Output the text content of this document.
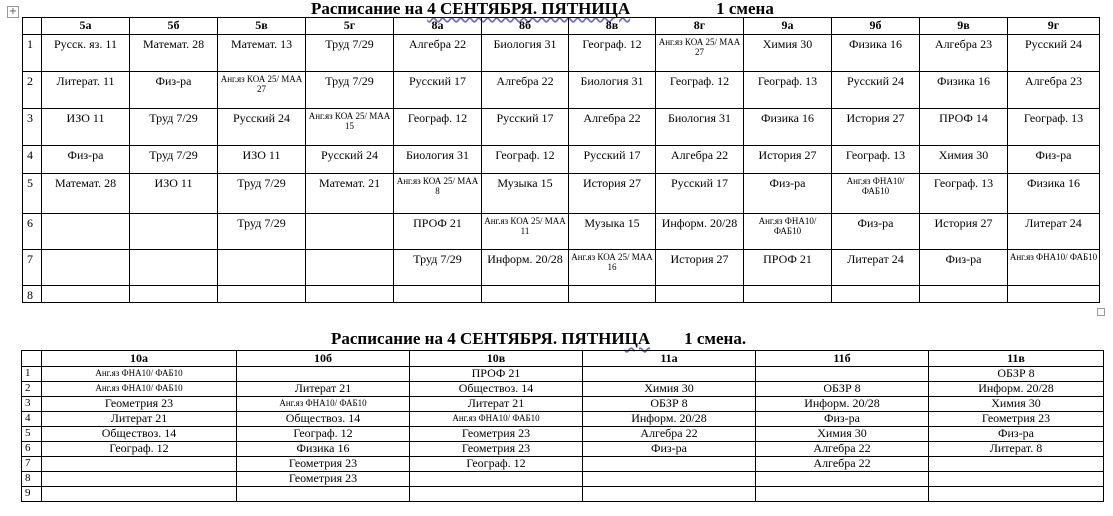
+	Расписание на 4 СЕНТЯБРЯ. ПЯТНИЦА	1 смена
	5а	5б	5в	5г	8а	8б	8в	8г	9а	9б	9в	9г
1	Русск. яз. 11	Математ. 28	Математ. 13	Труд 7/29	Алгебра 22	Биология 31	Географ. 12	Анг.яз КОА 25/ МАА 27	Химия 30	Физика 16	Алгебра 23	Русский 24
2	Литерат. 11	Физ-ра	Анг.яз КОА 25/ МАА 27	Труд 7/29	Русский 17	Алгебра 22	Биология 31	Географ. 12	Географ. 13	Русский 24	Физика 16	Алгебра 23
3	ИЗО 11	Труд 7/29	Русский 24	Анг.яз КОА 25/ МАА 15	Географ. 12	Русский 17	Алгебра 22	Биология 31	Физика 16	История 27	ПРОФ 14	Географ. 13
4	Физ-ра	Труд 7/29	ИЗО 11	Русский 24	Биология 31	Географ. 12	Русский 17	Алгебра 22	История 27	Географ. 13	Химия 30	Физ-ра
5	Математ. 28	ИЗО 11	Труд 7/29	Математ. 21	Анг.яз КОА 25/ МАА 8	Музыка 15	История 27	Русский 17	Физ-ра	Анг.яз ФНА10/ ФАБ10	Географ. 13	Физика 16
6			Труд 7/29		ПРОФ 21	Анг.яз КОА 25/ МАА 11	Музыка 15	Информ. 20/28	Анг.яз ФНА10/ ФАБ10	Физ-ра	История 27	Литерат 24
7					Труд 7/29	Информ. 20/28	Анг.яз КОА 25/ МАА 16	История 27	ПРОФ 21	Литерат 24	Физ-ра	Анг.яз ФНА10/ ФАБ10
8												
Расписание на 4 СЕНТЯБРЯ. ПЯТНИЦА 1 смена.
	10а	10б	10в	11а	11б	11в
1	Анг.яз ФНА10/ ФАБ10		ПРОФ 21			ОБЗР 8
2	Анг.яз ФНА10/ ФАБ10	Литерат 21	Обществоз. 14	Химия 30	ОБЗР 8	Информ. 20/28
3	Геометрия 23	Анг.яз ФНА10/ ФАБ10	Литерат 21	ОБЗР 8	Информ. 20/28	Химия 30
4	Литерат 21	Обществоз. 14	Анг.яз ФНА10/ ФАБ10	Информ. 20/28	Физ-ра	Геометрия 23
5	Обществоз. 14	Географ. 12	Геометрия 23	Алгебра 22	Химия 30	Физ-ра
6	Географ. 12	Физика 16	Геометрия 23	Физ-ра	Алгебра 22	Литерат. 8
7		Геометрия 23	Географ. 12		Алгебра 22	
8		Геометрия 23				
9						
